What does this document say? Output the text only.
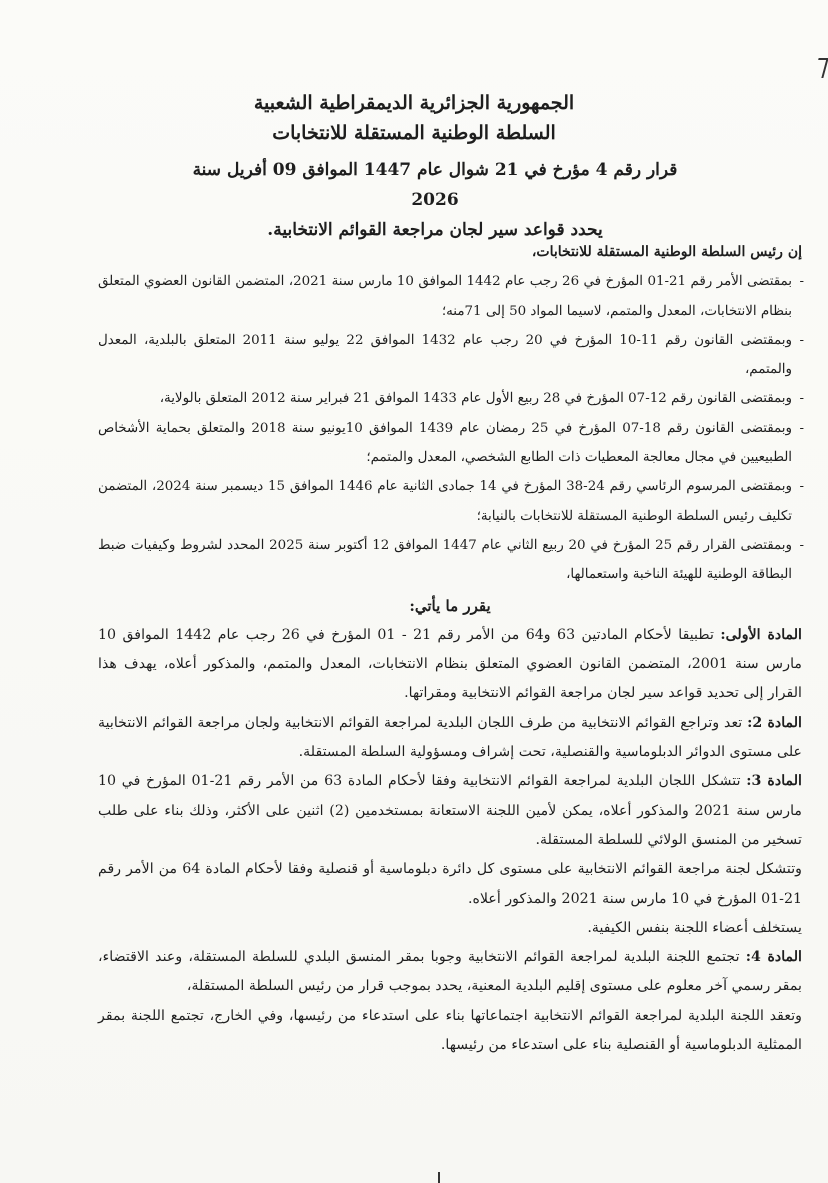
الجمهورية الجزائرية الديمقراطية الشعبية
السلطة الوطنية المستقلة للانتخابات
قرار رقم 4 مؤرخ في 21 شوال عام 1447 الموافق 09 أفريل سنة 2026
يحدد قواعد سير لجان مراجعة القوائم الانتخابية.

إن رئيس السلطة الوطنية المستقلة للانتخابات،

- بمقتضى الأمر رقم 21-01 المؤرخ في 26 رجب عام 1442 الموافق 10 مارس سنة 2021، المتضمن القانون العضوي المتعلق بنظام الانتخابات، المعدل والمتمم، لاسيما المواد 50 إلى 71منه؛

- وبمقتضى القانون رقم 11-10 المؤرخ في 20 رجب عام 1432 الموافق 22 يوليو سنة 2011 المتعلق بالبلدية، المعدل والمتمم،

- وبمقتضى القانون رقم 12-07 المؤرخ في 28 ربيع الأول عام 1433 الموافق 21 فبراير سنة 2012 المتعلق بالولاية،

- وبمقتضى القانون رقم 18-07 المؤرخ في 25 رمضان عام 1439 الموافق 10يونيو سنة 2018 والمتعلق بحماية الأشخاص الطبيعيين في مجال معالجة المعطيات ذات الطابع الشخصي، المعدل والمتمم؛

- وبمقتضى المرسوم الرئاسي رقم 24-38 المؤرخ في 14 جمادى الثانية عام 1446 الموافق 15 ديسمبر سنة 2024، المتضمن تكليف رئيس السلطة الوطنية المستقلة للانتخابات بالنيابة؛

- وبمقتضى القرار رقم 25 المؤرخ في 20 ربيع الثاني عام 1447 الموافق 12 أكتوبر سنة 2025 المحدد لشروط وكيفيات ضبط البطاقة الوطنية للهيئة الناخبة واستعمالها،

يقرر ما يأتي:

المادة الأولى: تطبيقا لأحكام المادتين 63 و64 من الأمر رقم 21 - 01 المؤرخ في 26 رجب عام 1442 الموافق 10 مارس سنة 2001، المتضمن القانون العضوي المتعلق بنظام الانتخابات، المعدل والمتمم، والمذكور أعلاه، يهدف هذا القرار إلى تحديد قواعد سير لجان مراجعة القوائم الانتخابية ومقراتها.

المادة 2: تعد وتراجع القوائم الانتخابية من طرف اللجان البلدية لمراجعة القوائم الانتخابية ولجان مراجعة القوائم الانتخابية على مستوى الدوائر الدبلوماسية والقنصلية، تحت إشراف ومسؤولية السلطة المستقلة.

المادة 3: تتشكل اللجان البلدية لمراجعة القوائم الانتخابية وفقا لأحكام المادة 63 من الأمر رقم 21-01 المؤرخ في 10 مارس سنة 2021 والمذكور أعلاه، يمكن لأمين اللجنة الاستعانة بمستخدمين (2) اثنين على الأكثر، وذلك بناء على طلب تسخير من المنسق الولائي للسلطة المستقلة.

وتتشكل لجنة مراجعة القوائم الانتخابية على مستوى كل دائرة دبلوماسية أو قنصلية وفقا لأحكام المادة 64 من الأمر رقم 21-01 المؤرخ في 10 مارس سنة 2021 والمذكور أعلاه.

يستخلف أعضاء اللجنة بنفس الكيفية.

المادة 4: تجتمع اللجنة البلدية لمراجعة القوائم الانتخابية وجوبا بمقر المنسق البلدي للسلطة المستقلة، وعند الاقتضاء، بمقر رسمي آخر معلوم على مستوى إقليم البلدية المعنية، يحدد بموجب قرار من رئيس السلطة المستقلة،

وتعقد اللجنة البلدية لمراجعة القوائم الانتخابية اجتماعاتها بناء على استدعاء من رئيسها، وفي الخارج، تجتمع اللجنة بمقر الممثلية الدبلوماسية أو القنصلية بناء على استدعاء من رئيسها.
